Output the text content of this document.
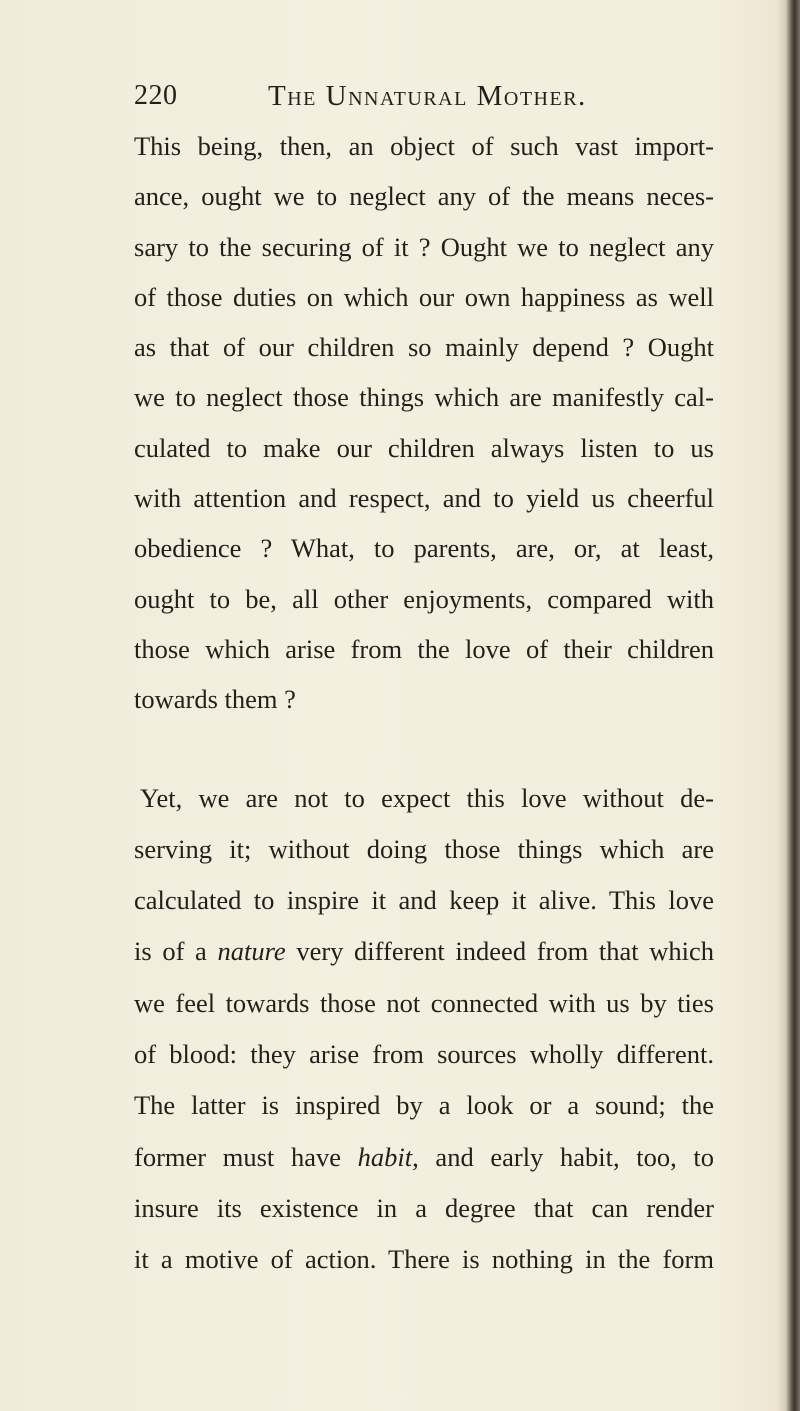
220	The Unnatural Mother.
This being, then, an object of such vast import-
ance, ought we to neglect any of the means neces-
sary to the securing of it ? Ought we to neglect any
of those duties on which our own happiness as well
as that of our children so mainly depend ? Ought
we to neglect those things which are manifestly cal-
culated to make our children always listen to us
with attention and respect, and to yield us cheerful
obedience ? What, to parents, are, or, at least,
ought to be, all other enjoyments, compared with
those which arise from the love of their children
towards them ?
Yet, we are not to expect this love without de-
serving it; without doing those things which are
calculated to inspire it and keep it alive. This love
is of a nature very different indeed from that which
we feel towards those not connected with us by ties
of blood: they arise from sources wholly different.
The latter is inspired by a look or a sound; the
former must have habit, and early habit, too, to
insure its existence in a degree that can render
it a motive of action. There is nothing in the form
